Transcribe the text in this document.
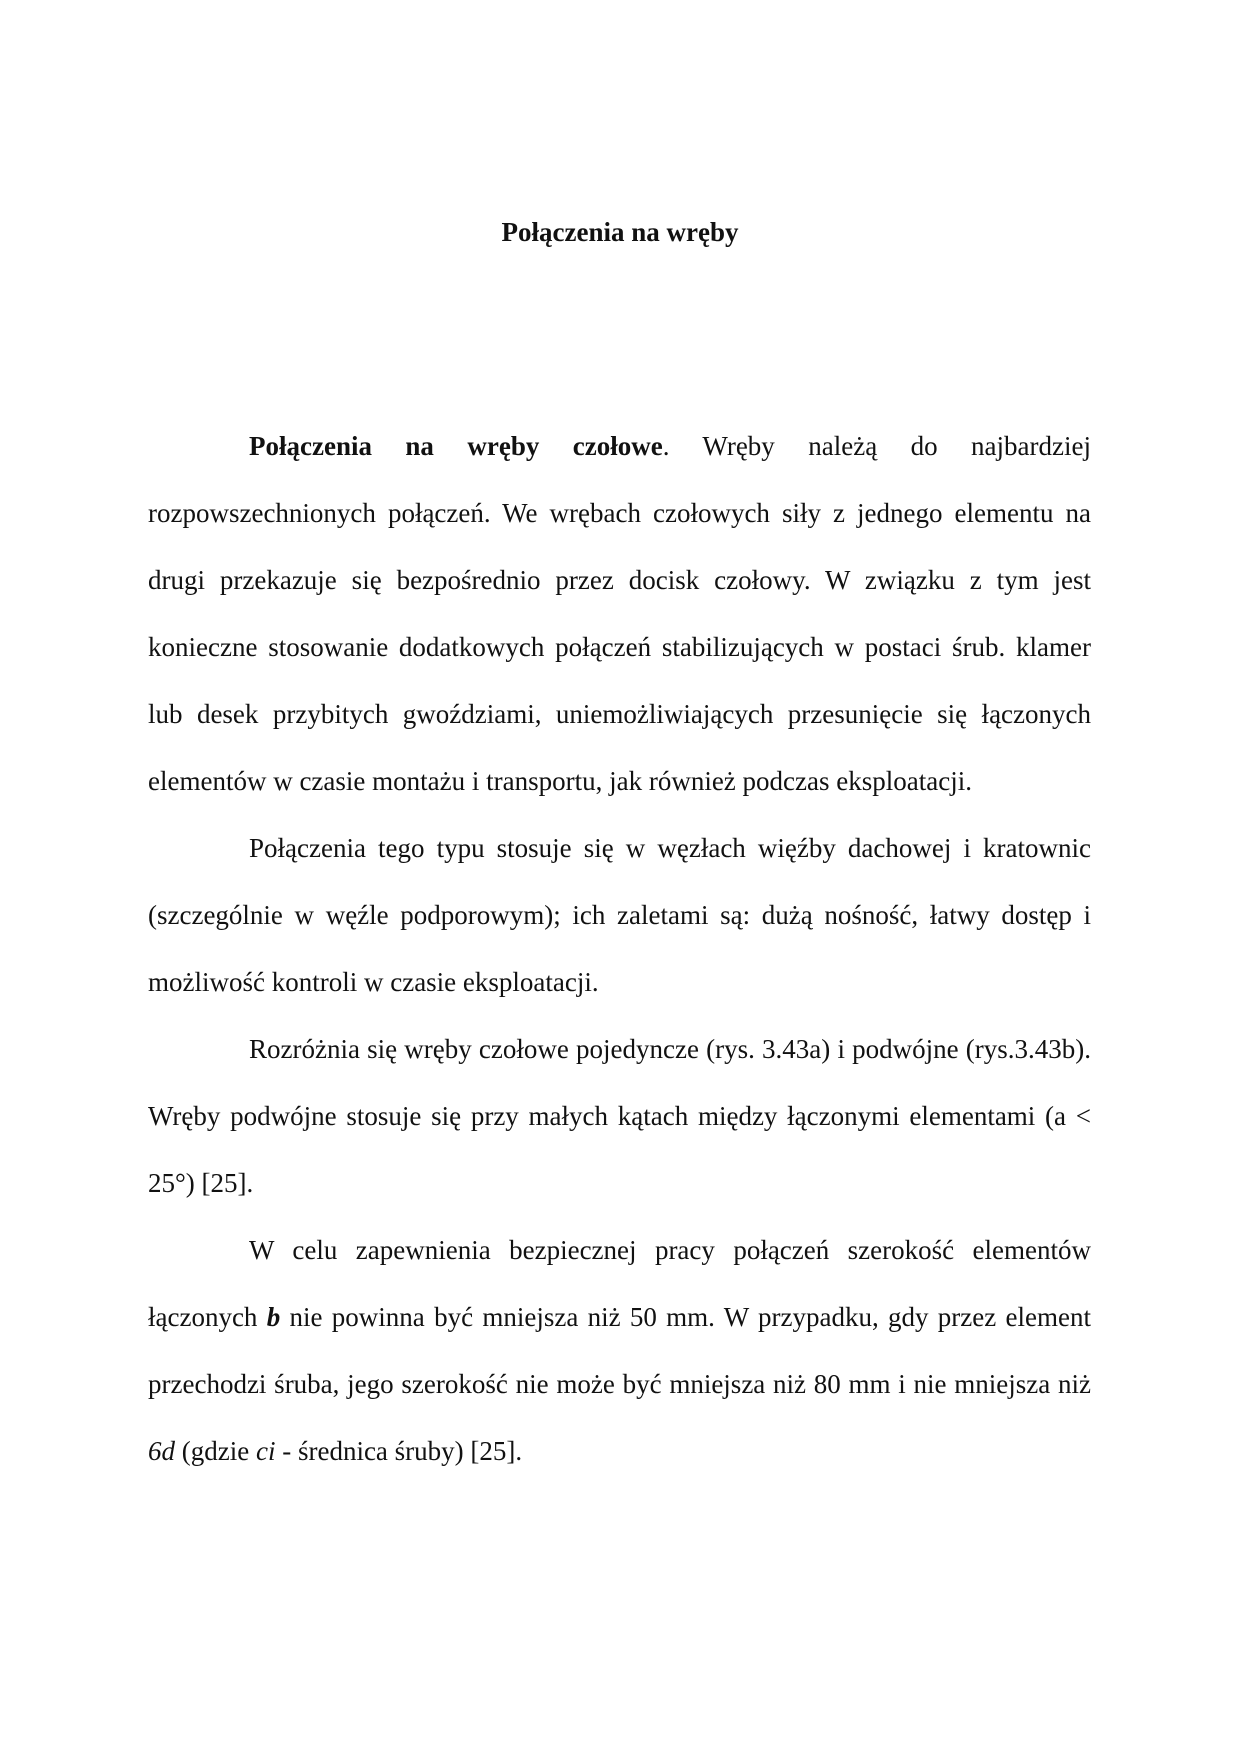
Połączenia na wręby

Połączenia na wręby czołowe. Wręby należą do najbardziej rozpowszechnionych połączeń. We wrębach czołowych siły z jednego elementu na drugi przekazuje się bezpośrednio przez docisk czołowy. W związku z tym jest konieczne stosowanie dodatkowych połączeń stabilizujących w postaci śrub. klamer lub desek przybitych gwoździami, uniemożliwiających przesunięcie się łączonych elementów w czasie montażu i transportu, jak również podczas eksploatacji.

Połączenia tego typu stosuje się w węzłach więźby dachowej i kratownic (szczególnie w węźle podporowym); ich zaletami są: dużą nośność, łatwy dostęp i możliwość kontroli w czasie eksploatacji.

Rozróżnia się wręby czołowe pojedyncze (rys. 3.43a) i podwójne (rys.3.43b). Wręby podwójne stosuje się przy małych kątach między łączonymi elementami (a < 25°) [25].

W celu zapewnienia bezpiecznej pracy połączeń szerokość elementów łączonych b nie powinna być mniejsza niż 50 mm. W przypadku, gdy przez element przechodzi śruba, jego szerokość nie może być mniejsza niż 80 mm i nie mniejsza niż 6d (gdzie ci - średnica śruby) [25].
